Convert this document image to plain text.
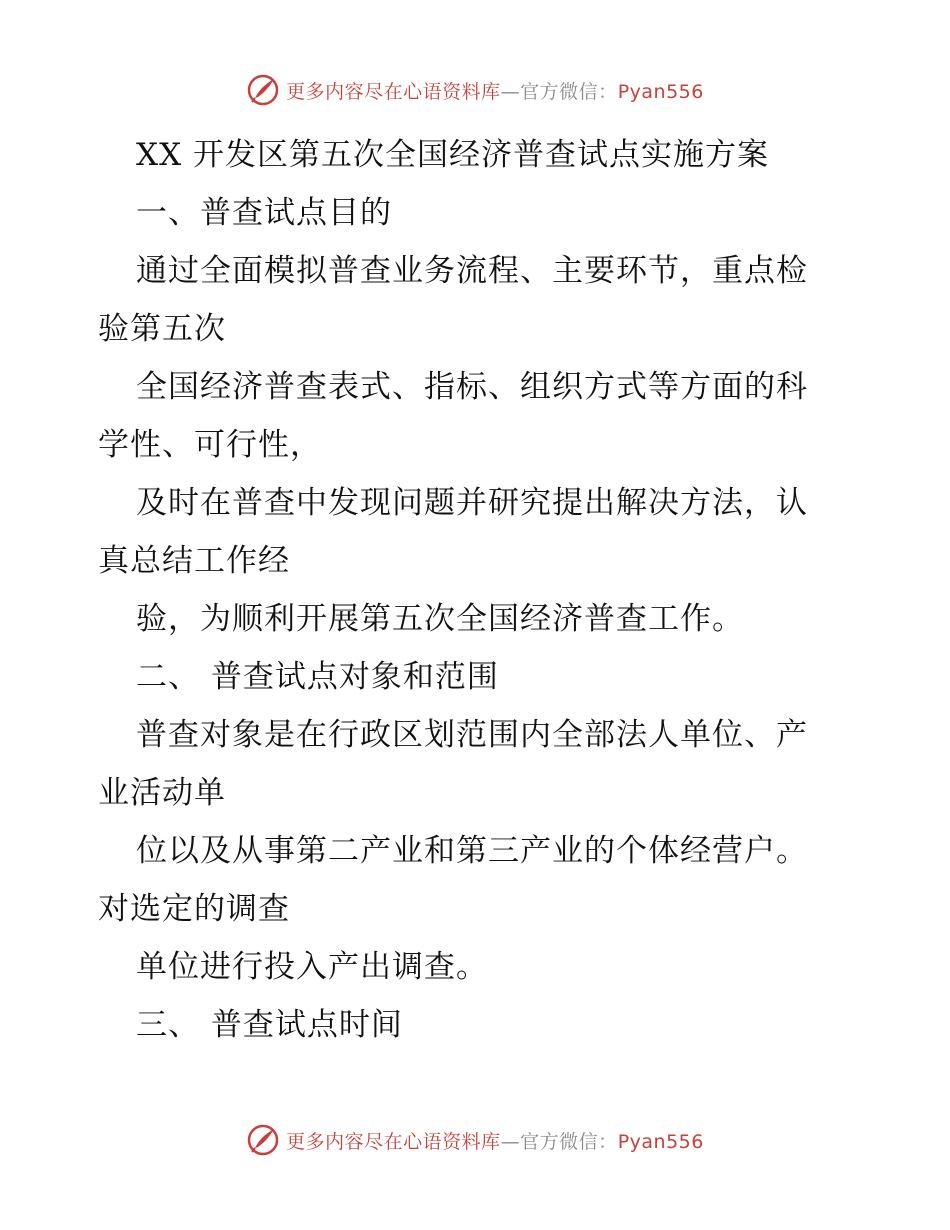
更多内容尽在心语资料库—官方微信：Pyan556
XX 开发区第五次全国经济普查试点实施方案
一、普查试点目的
通过全面模拟普查业务流程、主要环节，重点检
验第五次
全国经济普查表式、指标、组织方式等方面的科
学性、可行性，
及时在普查中发现问题并研究提出解决方法，认
真总结工作经
验，为顺利开展第五次全国经济普查工作。
二、 普查试点对象和范围
普查对象是在行政区划范围内全部法人单位、产
业活动单
位以及从事第二产业和第三产业的个体经营户。
对选定的调查
单位进行投入产出调查。
三、 普查试点时间
更多内容尽在心语资料库—官方微信：Pyan556
